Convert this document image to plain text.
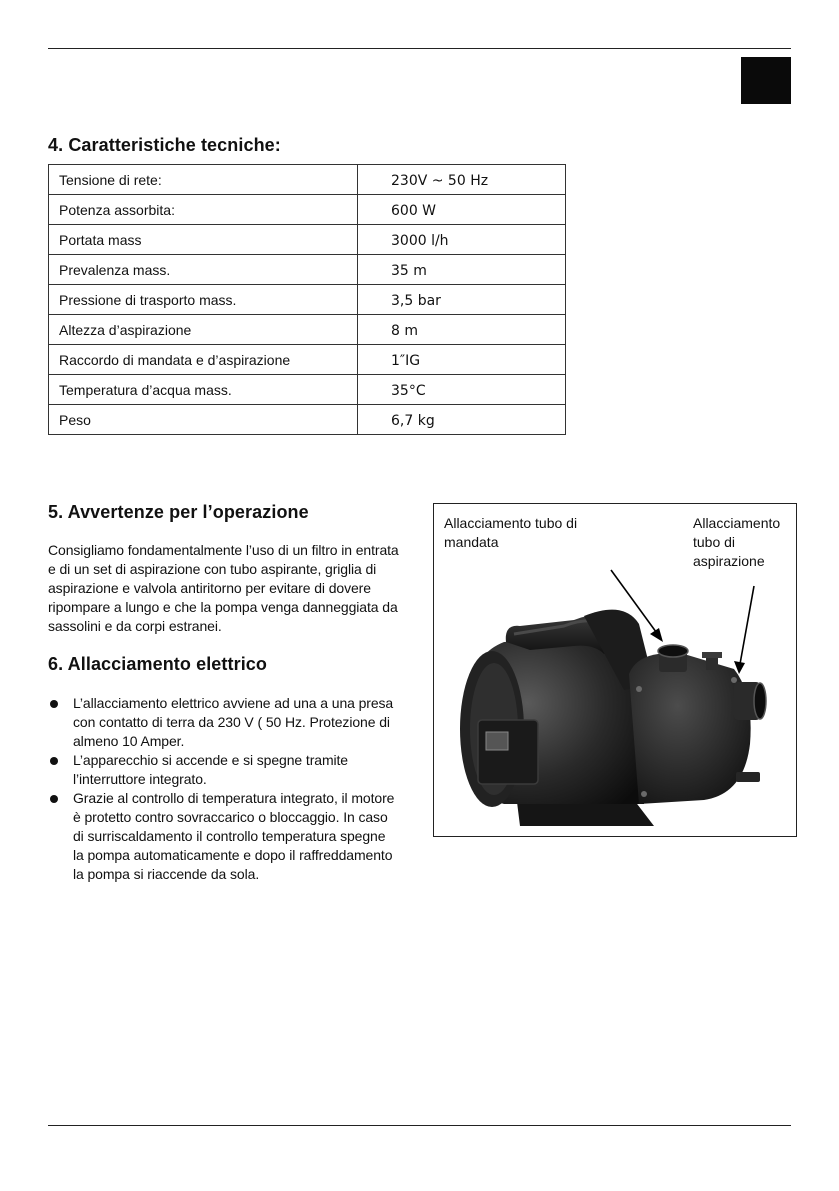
4. Caratteristiche tecniche:
Tensione di rete:	230V ~ 50 Hz
Potenza assorbita:	600 W
Portata mass	3000 l/h
Prevalenza mass.	35 m
Pressione di trasporto mass.	3,5 bar
Altezza d’aspirazione	8 m
Raccordo di mandata e d’aspirazione	1″IG
Temperatura d’acqua mass.	35°C
Peso	6,7 kg
5. Avvertenze per l’operazione

Consigliamo fondamentalmente l’uso di un filtro in entrata e di un set di aspirazione con tubo aspirante, griglia di aspirazione e valvola antiritorno per evitare di dovere ripompare a lungo e che la pompa venga danneggiata da sassolini e da corpi estranei.

6. Allacciamento elettrico
L’allacciamento elettrico avviene ad una a una presa con contatto di terra da 230 V ( 50 Hz. Protezione di almeno 10 Amper.
L’apparecchio si accende e si spegne tramite l’interruttore integrato.
Grazie al controllo di temperatura integrato, il motore è protetto contro sovraccarico o bloccaggio. In caso di surriscaldamento il controllo temperatura spegne la pompa automaticamente e dopo il raffreddamento la pompa si riaccende da sola.
Allacciamento tubo di mandata
Allacciamento tubo di aspirazione
